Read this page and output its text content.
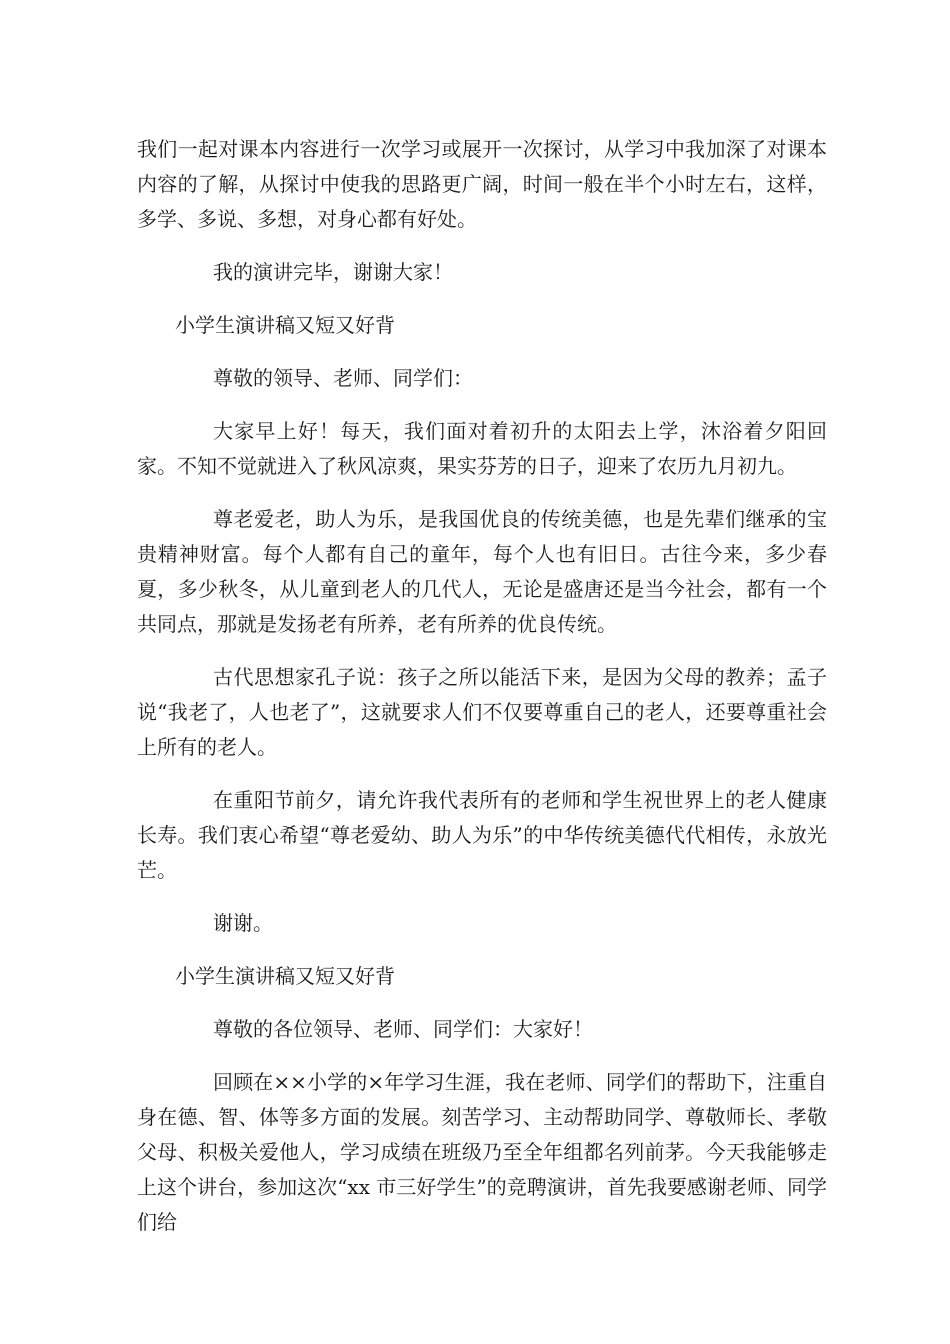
我们一起对课本内容进行一次学习或展开一次探讨，从学习中我加深了对课本内容的了解，从探讨中使我的思路更广阔，时间一般在半个小时左右，这样，多学、多说、多想，对身心都有好处。

我的演讲完毕，谢谢大家！

小学生演讲稿又短又好背

尊敬的领导、老师、同学们：

大家早上好！每天，我们面对着初升的太阳去上学，沐浴着夕阳回家。不知不觉就进入了秋风凉爽，果实芬芳的日子，迎来了农历九月初九。

尊老爱老，助人为乐，是我国优良的传统美德，也是先辈们继承的宝贵精神财富。每个人都有自己的童年，每个人也有旧日。古往今来，多少春夏，多少秋冬，从儿童到老人的几代人，无论是盛唐还是当今社会，都有一个共同点，那就是发扬老有所养，老有所养的优良传统。

古代思想家孔子说：孩子之所以能活下来，是因为父母的教养；孟子说“我老了，人也老了”，这就要求人们不仅要尊重自己的老人，还要尊重社会上所有的老人。

在重阳节前夕，请允许我代表所有的老师和学生祝世界上的老人健康长寿。我们衷心希望“尊老爱幼、助人为乐”的中华传统美德代代相传，永放光芒。

谢谢。

小学生演讲稿又短又好背

尊敬的各位领导、老师、同学们：大家好！

回顾在××小学的×年学习生涯，我在老师、同学们的帮助下，注重自身在德、智、体等多方面的发展。刻苦学习、主动帮助同学、尊敬师长、孝敬父母、积极关爱他人，学习成绩在班级乃至全年组都名列前茅。今天我能够走上这个讲台，参加这次“xx 市三好学生”的竞聘演讲，首先我要感谢老师、同学们给
